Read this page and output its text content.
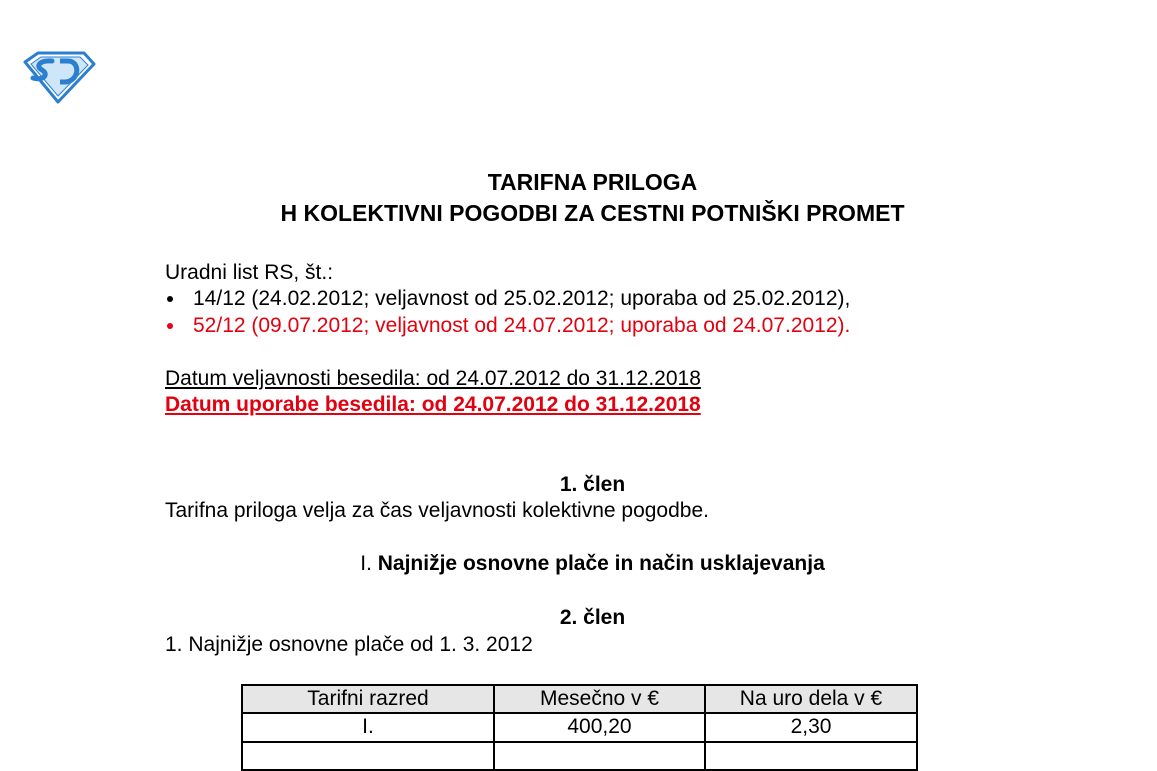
TARIFNA PRILOGA
H KOLEKTIVNI POGODBI ZA CESTNI POTNIŠKI PROMET
Uradni list RS, št.:
14/12 (24.02.2012; veljavnost od 25.02.2012; uporaba od 25.02.2012),
52/12 (09.07.2012; veljavnost od 24.07.2012; uporaba od 24.07.2012).
Datum veljavnosti besedila: od 24.07.2012 do 31.12.2018
Datum uporabe besedila: od 24.07.2012 do 31.12.2018
1. člen
Tarifna priloga velja za čas veljavnosti kolektivne pogodbe.
I. Najnižje osnovne plače in način usklajevanja
2. člen
1. Najnižje osnovne plače od 1. 3. 2012
Tarifni razred	Mesečno v €	Na uro dela v €
I.	400,20	2,30
